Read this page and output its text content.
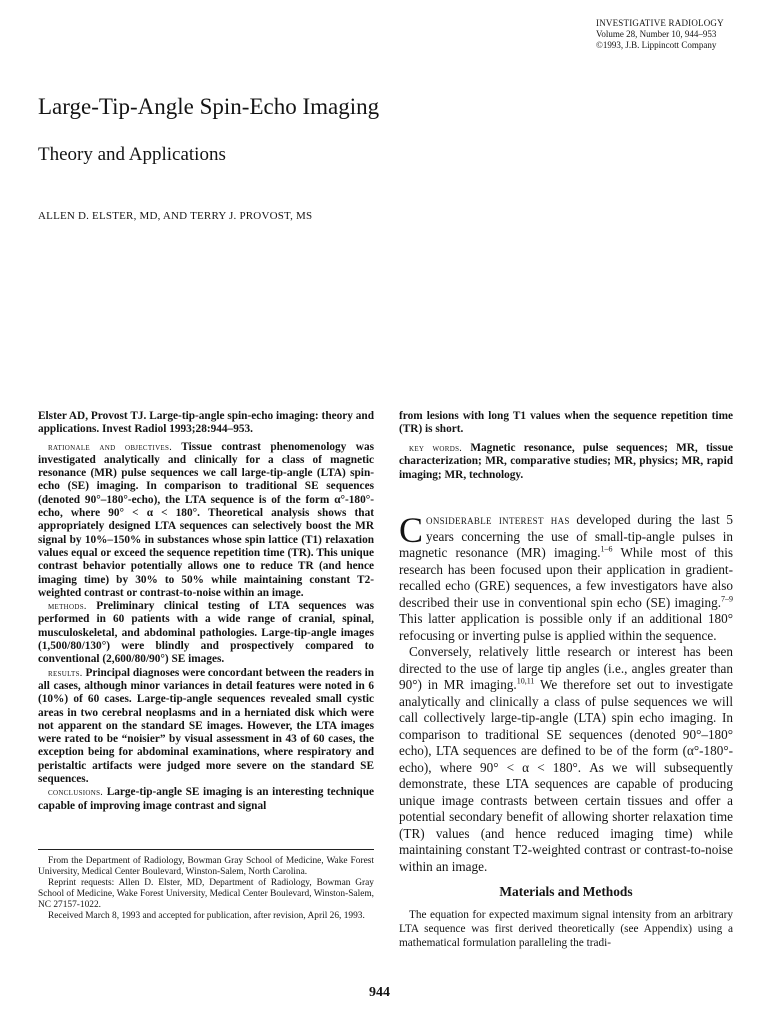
INVESTIGATIVE RADIOLOGY
Volume 28, Number 10, 944–953
©1993, J.B. Lippincott Company
Large-Tip-Angle Spin-Echo Imaging
Theory and Applications
ALLEN D. ELSTER, MD, AND TERRY J. PROVOST, MS

Elster AD, Provost TJ. Large-tip-angle spin-echo imaging: theory and applications. Invest Radiol 1993;28:944–953.

rationale and objectives. Tissue contrast phenomenology was investigated analytically and clinically for a class of magnetic resonance (MR) pulse sequences we call large-tip-angle (LTA) spin-echo (SE) imaging. In comparison to traditional SE sequences (denoted 90°–180°-echo), the LTA sequence is of the form α°-180°-echo, where 90° < α < 180°. Theoretical analysis shows that appropriately designed LTA sequences can selectively boost the MR signal by 10%–150% in substances whose spin lattice (T1) relaxation values equal or exceed the sequence repetition time (TR). This unique contrast behavior potentially allows one to reduce TR (and hence imaging time) by 30% to 50% while maintaining constant T2-weighted contrast or contrast-to-noise within an image.

methods. Preliminary clinical testing of LTA sequences was performed in 60 patients with a wide range of cranial, spinal, musculoskeletal, and abdominal pathologies. Large-tip-angle images (1,500/80/130°) were blindly and prospectively compared to conventional (2,600/80/90°) SE images.

results. Principal diagnoses were concordant between the readers in all cases, although minor variances in detail features were noted in 6 (10%) of 60 cases. Large-tip-angle sequences revealed small cystic areas in two cerebral neoplasms and in a herniated disk which were not apparent on the standard SE images. However, the LTA images were rated to be “noisier” by visual assessment in 43 of 60 cases, the exception being for abdominal examinations, where respiratory and peristaltic artifacts were judged more severe on the standard SE sequences.

conclusions. Large-tip-angle SE imaging is an interesting technique capable of improving image contrast and signal

From the Department of Radiology, Bowman Gray School of Medicine, Wake Forest University, Medical Center Boulevard, Winston-Salem, North Carolina.

Reprint requests: Allen D. Elster, MD, Department of Radiology, Bowman Gray School of Medicine, Wake Forest University, Medical Center Boulevard, Winston-Salem, NC 27157-1022.

Received March 8, 1993 and accepted for publication, after revision, April 26, 1993.

from lesions with long T1 values when the sequence repetition time (TR) is short.

key words. Magnetic resonance, pulse sequences; MR, tissue characterization; MR, comparative studies; MR, physics; MR, rapid imaging; MR, technology.

Considerable interest has developed during the last 5 years concerning the use of small-tip-angle pulses in magnetic resonance (MR) imaging.$^{1-6}$ While most of this research has been focused upon their application in gradient-recalled echo (GRE) sequences, a few investigators have also described their use in conventional spin echo (SE) imaging.$^{7-9}$ This latter application is possible only if an additional 180° refocusing or inverting pulse is applied within the sequence.

Conversely, relatively little research or interest has been directed to the use of large tip angles (i.e., angles greater than 90°) in MR imaging.$^{10,11}$ We therefore set out to investigate analytically and clinically a class of pulse sequences we will call collectively large-tip-angle (LTA) spin echo imaging. In comparison to traditional SE sequences (denoted 90°–180° echo), LTA sequences are defined to be of the form (α°-180°-echo), where 90° < α < 180°. As we will subsequently demonstrate, these LTA sequences are capable of producing unique image contrasts between certain tissues and offer a potential secondary benefit of allowing shorter relaxation time (TR) values (and hence reduced imaging time) while maintaining constant T2-weighted contrast or contrast-to-noise within an image.

Materials and Methods

The equation for expected maximum signal intensity from an arbitrary LTA sequence was first derived theoretically (see Appendix) using a mathematical formulation paralleling the tradi-

944
